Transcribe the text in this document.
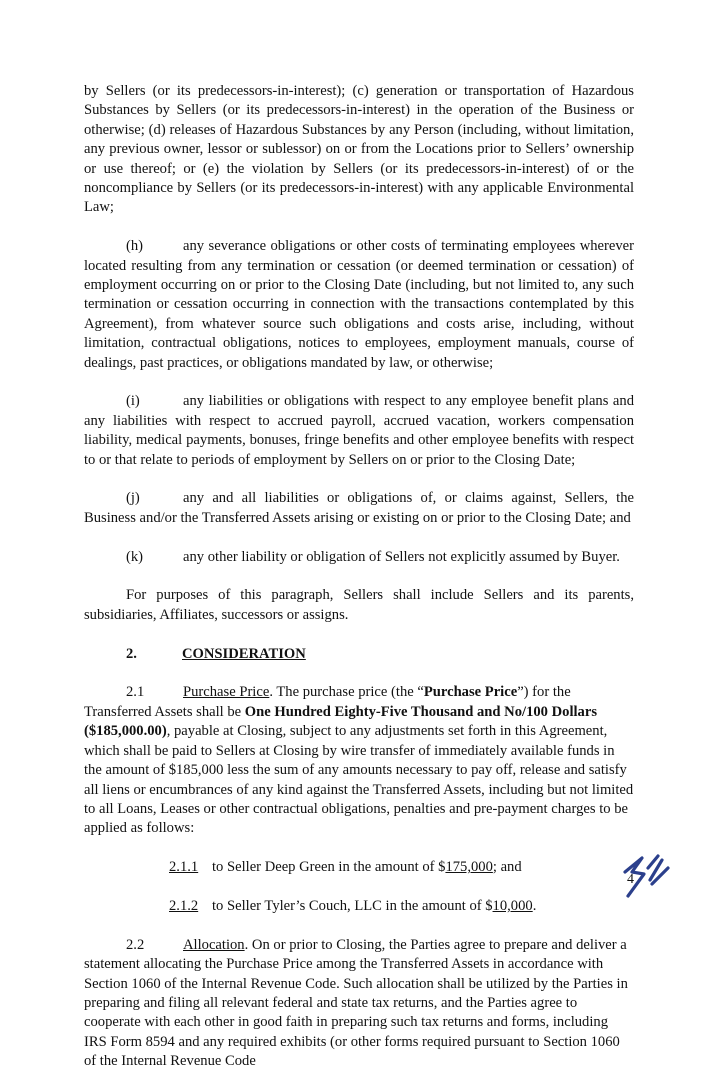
by Sellers (or its predecessors-in-interest); (c) generation or transportation of Hazardous Substances by Sellers (or its predecessors-in-interest) in the operation of the Business or otherwise; (d) releases of Hazardous Substances by any Person (including, without limitation, any previous owner, lessor or sublessor) on or from the Locations prior to Sellers’ ownership or use thereof; or (e) the violation by Sellers (or its predecessors-in-interest) of or the noncompliance by Sellers (or its predecessors-in-interest) with any applicable Environmental Law;

(h)	any severance obligations or other costs of terminating employees wherever located resulting from any termination or cessation (or deemed termination or cessation) of employment occurring on or prior to the Closing Date (including, but not limited to, any such termination or cessation occurring in connection with the transactions contemplated by this Agreement), from whatever source such obligations and costs arise, including, without limitation, contractual obligations, notices to employees, employment manuals, course of dealings, past practices, or obligations mandated by law, or otherwise;

(i)	any liabilities or obligations with respect to any employee benefit plans and any liabilities with respect to accrued payroll, accrued vacation, workers compensation liability, medical payments, bonuses, fringe benefits and other employee benefits with respect to or that relate to periods of employment by Sellers on or prior to the Closing Date;

(j)	any and all liabilities or obligations of, or claims against, Sellers, the Business and/or the Transferred Assets arising or existing on or prior to the Closing Date; and

(k)	any other liability or obligation of Sellers not explicitly assumed by Buyer.

For purposes of this paragraph, Sellers shall include Sellers and its parents, subsidiaries, Affiliates, successors or assigns.

2.	CONSIDERATION

2.1	Purchase Price. The purchase price (the “Purchase Price”) for the Transferred Assets shall be One Hundred Eighty-Five Thousand and No/100 Dollars ($185,000.00), payable at Closing, subject to any adjustments set forth in this Agreement, which shall be paid to Sellers at Closing by wire transfer of immediately available funds in the amount of $185,000 less the sum of any amounts necessary to pay off, release and satisfy all liens or encumbrances of any kind against the Transferred Assets, including but not limited to all Loans, Leases or other contractual obligations, penalties and pre-payment charges to be applied as follows:

2.1.1 to Seller Deep Green in the amount of $175,000; and

2.1.2 to Seller Tyler’s Couch, LLC in the amount of $10,000.

2.2	Allocation. On or prior to Closing, the Parties agree to prepare and deliver a statement allocating the Purchase Price among the Transferred Assets in accordance with Section 1060 of the Internal Revenue Code. Such allocation shall be utilized by the Parties in preparing and filing all relevant federal and state tax returns, and the Parties agree to cooperate with each other in good faith in preparing such tax returns and forms, including IRS Form 8594 and any required exhibits (or other forms required pursuant to Section 1060 of the Internal Revenue Code

4
